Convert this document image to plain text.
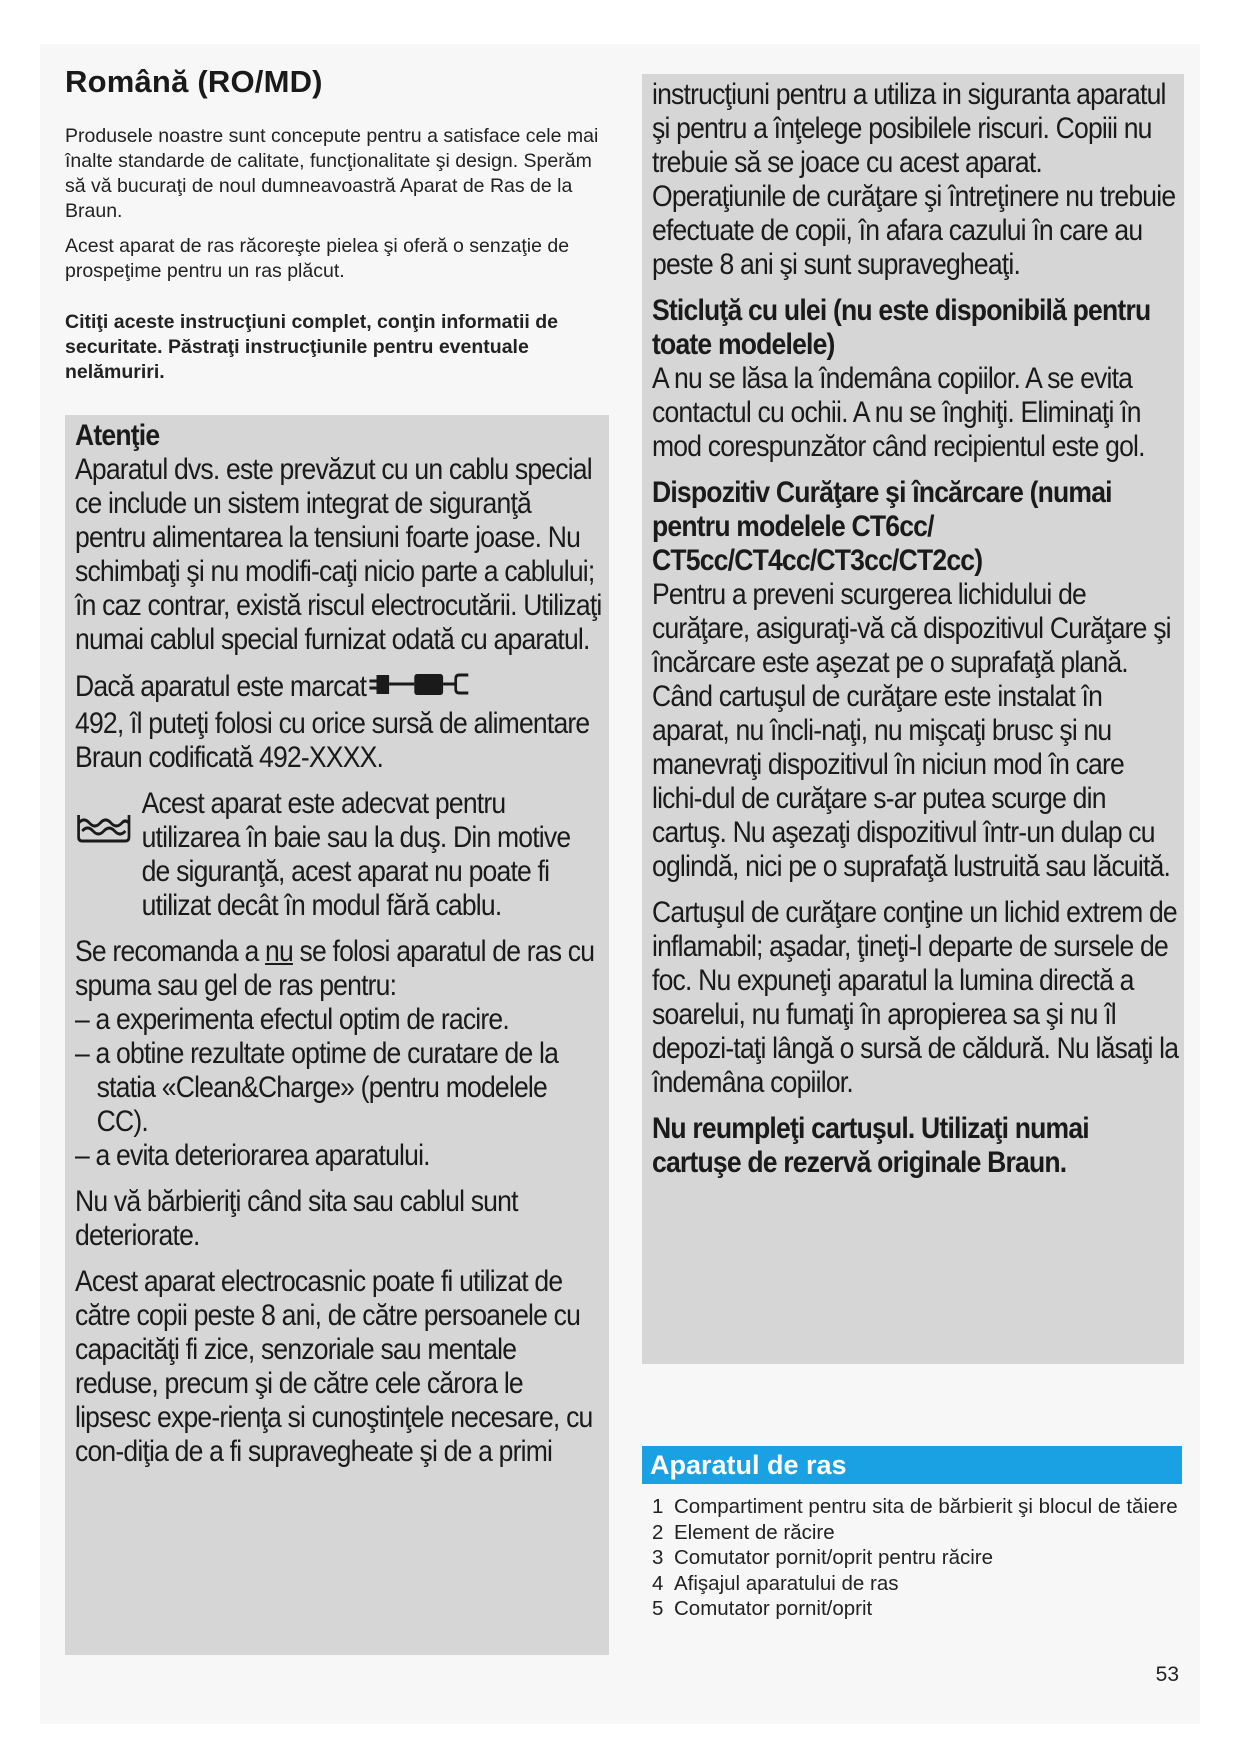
Română (RO/MD)

Produsele noastre sunt concepute pentru a satisface cele mai înalte standarde de calitate, funcţionalitate şi design. Sperăm să vă bucuraţi de noul dumneavoastră Aparat de Ras de la Braun.

Acest aparat de ras răcoreşte pielea şi oferă o senzaţie de prospeţime pentru un ras plăcut.

Citiţi aceste instrucţiuni complet, conţin informatii de securitate. Păstraţi instrucţiunile pentru eventuale nelămuriri.

Atenţie

Aparatul dvs. este prevăzut cu un cablu special ce include un sistem integrat de siguranţă pentru alimentarea la tensiuni foarte joase. Nu schimbaţi şi nu modifi-caţi nicio parte a cablului; în caz contrar, există riscul electrocutării. Utilizaţi numai cablul special furnizat odată cu aparatul.

Dacă aparatul este marcat
492, îl puteţi folosi cu orice sursă de alimentare Braun codificată 492-XXXX.

Acest aparat este adecvat pentru utilizarea în baie sau la duş. Din motive de siguranţă, acest aparat nu poate fi utilizat decât în modul fără cablu.

Se recomanda a nu se folosi aparatul de ras cu spuma sau gel de ras pentru:

– a experimenta efectul optim de racire.
– a obtine rezultate optime de curatare de la statia «Clean&Charge» (pentru modelele CC).
– a evita deteriorarea aparatului.

Nu vă bărbieriţi când sita sau cablul sunt deteriorate.

Acest aparat electrocasnic poate fi utilizat de către copii peste 8 ani, de către persoanele cu capacităţi fi zice, senzoriale sau mentale reduse, precum şi de către cele cărora le lipsesc expe-rienţa si cunoştinţele necesare, cu con-diţia de a fi supravegheate şi de a primi

instrucţiuni pentru a utiliza in siguranta aparatul şi pentru a înţelege posibilele riscuri. Copiii nu trebuie să se joace cu acest aparat. Operaţiunile de curăţare şi întreţinere nu trebuie efectuate de copii, în afara cazului în care au peste 8 ani şi sunt supravegheaţi.

Sticluţă cu ulei (nu este disponibilă pentru toate modelele)

A nu se lăsa la îndemâna copiilor. A se evita contactul cu ochii. A nu se înghiţi. Eliminaţi în mod corespunzător când recipientul este gol.

Dispozitiv Curăţare şi încărcare (numai pentru modelele CT6cc/ CT5cc/CT4cc/CT3cc/CT2cc)

Pentru a preveni scurgerea lichidului de curăţare, asiguraţi-vă că dispozitivul Curăţare şi încărcare este aşezat pe o suprafaţă plană. Când cartuşul de curăţare este instalat în aparat, nu încli-naţi, nu mişcaţi brusc şi nu manevraţi dispozitivul în niciun mod în care lichi-dul de curăţare s-ar putea scurge din cartuş. Nu aşezaţi dispozitivul într-un dulap cu oglindă, nici pe o suprafaţă lustruită sau lăcuită.

Cartuşul de curăţare conţine un lichid extrem de inflamabil; aşadar, ţineţi-l departe de sursele de foc. Nu expuneţi aparatul la lumina directă a soarelui, nu fumaţi în apropierea sa şi nu îl depozi-taţi lângă o sursă de căldură. Nu lăsaţi la îndemâna copiilor.

Nu reumpleţi cartuşul. Utilizaţi numai cartuşe de rezervă originale Braun.
Aparatul de ras
1 Compartiment pentru sita de bărbierit şi blocul de tăiere
2 Element de răcire
3 Comutator pornit/oprit pentru răcire
4 Afişajul aparatului de ras
5 Comutator pornit/oprit
53
